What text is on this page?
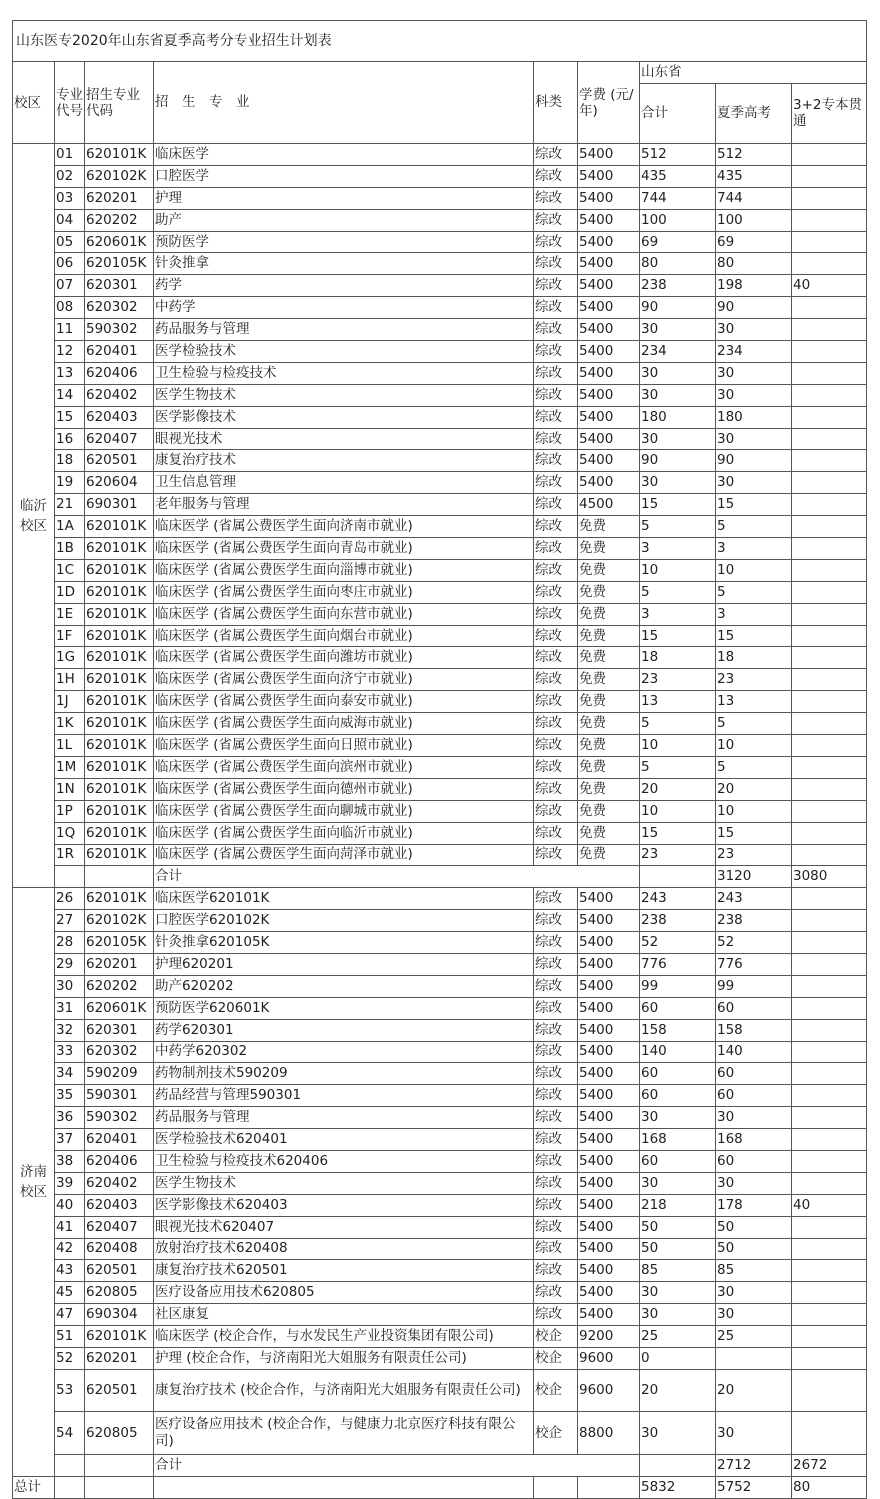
山东医专2020年山东省夏季高考分专业招生计划表									

校区	专业代号	招生专业代码	招　生　专　业	科类	学费 (元/年)	山东省			
						合计	夏季高考	3+2专本贯通	

临沂校区	01	620101K	临床医学	综改	5400	512	512		
	02	620102K	口腔医学	综改	5400	435	435		
	03	620201	护理	综改	5400	744	744		
	04	620202	助产	综改	5400	100	100		
	05	620601K	预防医学	综改	5400	69	69		
	06	620105K	针灸推拿	综改	5400	80	80		
	07	620301	药学	综改	5400	238	198	40	
	08	620302	中药学	综改	5400	90	90		
	11	590302	药品服务与管理	综改	5400	30	30		
	12	620401	医学检验技术	综改	5400	234	234		
	13	620406	卫生检验与检疫技术	综改	5400	30	30		
	14	620402	医学生物技术	综改	5400	30	30		
	15	620403	医学影像技术	综改	5400	180	180		
	16	620407	眼视光技术	综改	5400	30	30		
	18	620501	康复治疗技术	综改	5400	90	90		
	19	620604	卫生信息管理	综改	5400	30	30		
	21	690301	老年服务与管理	综改	4500	15	15		
	1A	620101K	临床医学 (省属公费医学生面向济南市就业)	综改	免费	5	5		
	1B	620101K	临床医学 (省属公费医学生面向青岛市就业)	综改	免费	3	3		
	1C	620101K	临床医学 (省属公费医学生面向淄博市就业)	综改	免费	10	10		
	1D	620101K	临床医学 (省属公费医学生面向枣庄市就业)	综改	免费	5	5		
	1E	620101K	临床医学 (省属公费医学生面向东营市就业)	综改	免费	3	3		
	1F	620101K	临床医学 (省属公费医学生面向烟台市就业)	综改	免费	15	15		
	1G	620101K	临床医学 (省属公费医学生面向潍坊市就业)	综改	免费	18	18		
	1H	620101K	临床医学 (省属公费医学生面向济宁市就业)	综改	免费	23	23		
	1J	620101K	临床医学 (省属公费医学生面向泰安市就业)	综改	免费	13	13		
	1K	620101K	临床医学 (省属公费医学生面向威海市就业)	综改	免费	5	5		
	1L	620101K	临床医学 (省属公费医学生面向日照市就业)	综改	免费	10	10		
	1M	620101K	临床医学 (省属公费医学生面向滨州市就业)	综改	免费	5	5		
	1N	620101K	临床医学 (省属公费医学生面向德州市就业)	综改	免费	20	20		
	1P	620101K	临床医学 (省属公费医学生面向聊城市就业)	综改	免费	10	10		
	1Q	620101K	临床医学 (省属公费医学生面向临沂市就业)	综改	免费	15	15		
	1R	620101K	临床医学 (省属公费医学生面向菏泽市就业)	综改	免费	23	23		
			合计				3120	3080	
济南校区	26	620101K	临床医学620101K	综改	5400	243	243		
	27	620102K	口腔医学620102K	综改	5400	238	238		
	28	620105K	针灸推拿620105K	综改	5400	52	52		
	29	620201	护理620201	综改	5400	776	776		
	30	620202	助产620202	综改	5400	99	99		
	31	620601K	预防医学620601K	综改	5400	60	60		
	32	620301	药学620301	综改	5400	158	158		
	33	620302	中药学620302	综改	5400	140	140		
	34	590209	药物制剂技术590209	综改	5400	60	60		
	35	590301	药品经营与管理590301	综改	5400	60	60		
	36	590302	药品服务与管理	综改	5400	30	30		
	37	620401	医学检验技术620401	综改	5400	168	168		
	38	620406	卫生检验与检疫技术620406	综改	5400	60	60		
	39	620402	医学生物技术	综改	5400	30	30		
	40	620403	医学影像技术620403	综改	5400	218	178	40	
	41	620407	眼视光技术620407	综改	5400	50	50		
	42	620408	放射治疗技术620408	综改	5400	50	50		
	43	620501	康复治疗技术620501	综改	5400	85	85		
	45	620805	医疗设备应用技术620805	综改	5400	30	30		
	47	690304	社区康复	综改	5400	30	30		
	51	620101K	临床医学 (校企合作，与水发民生产业投资集团有限公司)	校企	9200	25	25		
	52	620201	护理 (校企合作，与济南阳光大姐服务有限责任公司)	校企	9600	0			
	53	620501	康复治疗技术 (校企合作，与济南阳光大姐服务有限责任公司)	校企	9600	20	20		
	54	620805	医疗设备应用技术 (校企合作，与健康力北京医疗科技有限公司)	校企	8800	30	30		
			合计				2712	2672	
总计						5832	5752	80	
